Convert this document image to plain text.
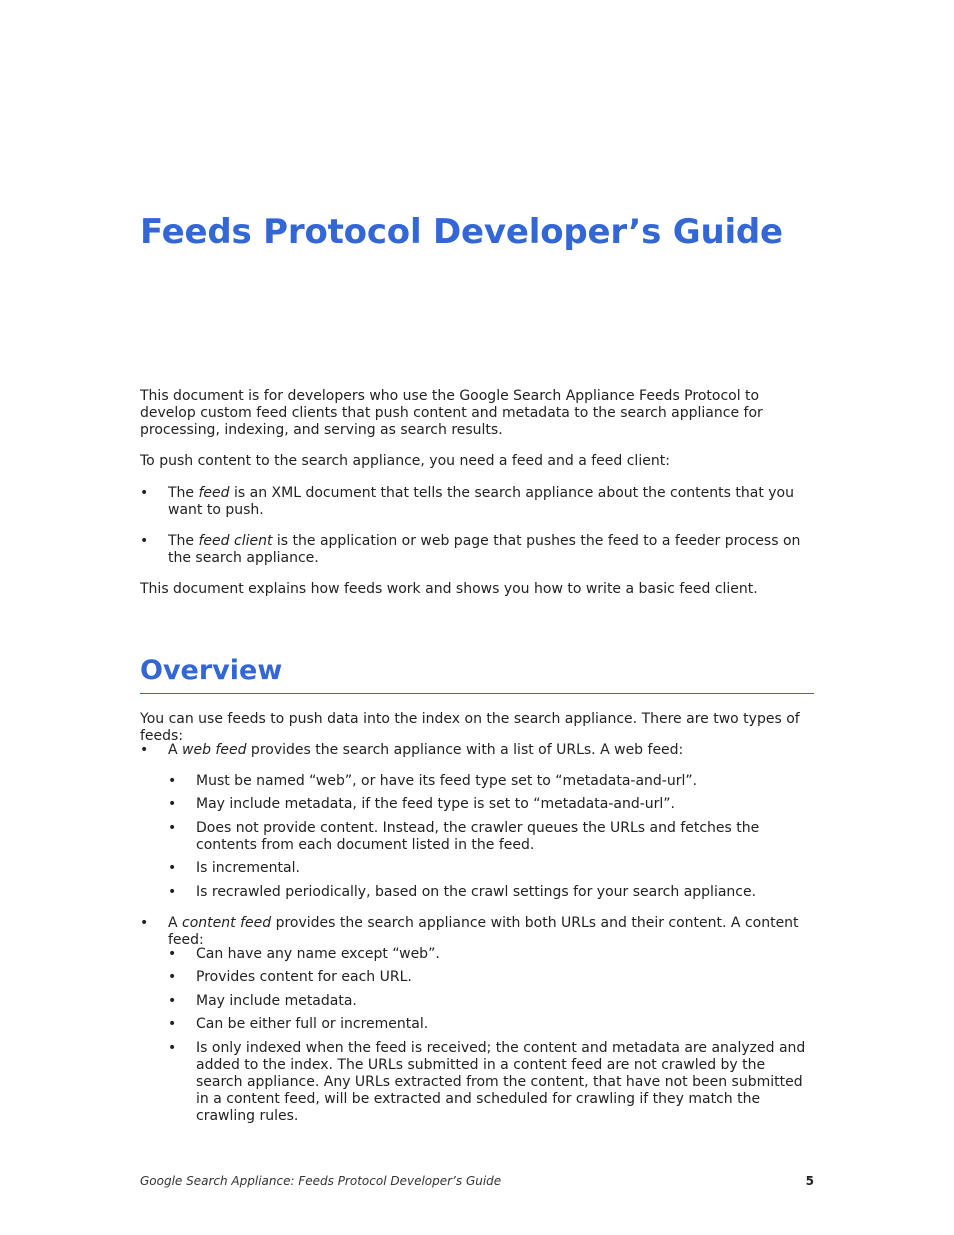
Feeds Protocol Developer’s Guide

This document is for developers who use the Google Search Appliance Feeds Protocol to develop custom feed clients that push content and metadata to the search appliance for processing, indexing, and serving as search results.

To push content to the search appliance, you need a feed and a feed client:

• The feed is an XML document that tells the search appliance about the contents that you want to push.
• The feed client is the application or web page that pushes the feed to a feeder process on the search appliance.

This document explains how feeds work and shows you how to write a basic feed client.

Overview

You can use feeds to push data into the index on the search appliance. There are two types of feeds:

• A web feed provides the search appliance with a list of URLs. A web feed:
• Must be named “web”, or have its feed type set to “metadata-and-url”.
• May include metadata, if the feed type is set to “metadata-and-url”.
• Does not provide content. Instead, the crawler queues the URLs and fetches the contents from each document listed in the feed.
• Is incremental.
• Is recrawled periodically, based on the crawl settings for your search appliance.
• A content feed provides the search appliance with both URLs and their content. A content feed:
• Can have any name except “web”.
• Provides content for each URL.
• May include metadata.
• Can be either full or incremental.
• Is only indexed when the feed is received; the content and metadata are analyzed and added to the index. The URLs submitted in a content feed are not crawled by the search appliance. Any URLs extracted from the content, that have not been submitted in a content feed, will be extracted and scheduled for crawling if they match the crawling rules.
Google Search Appliance: Feeds Protocol Developer’s Guide	5
